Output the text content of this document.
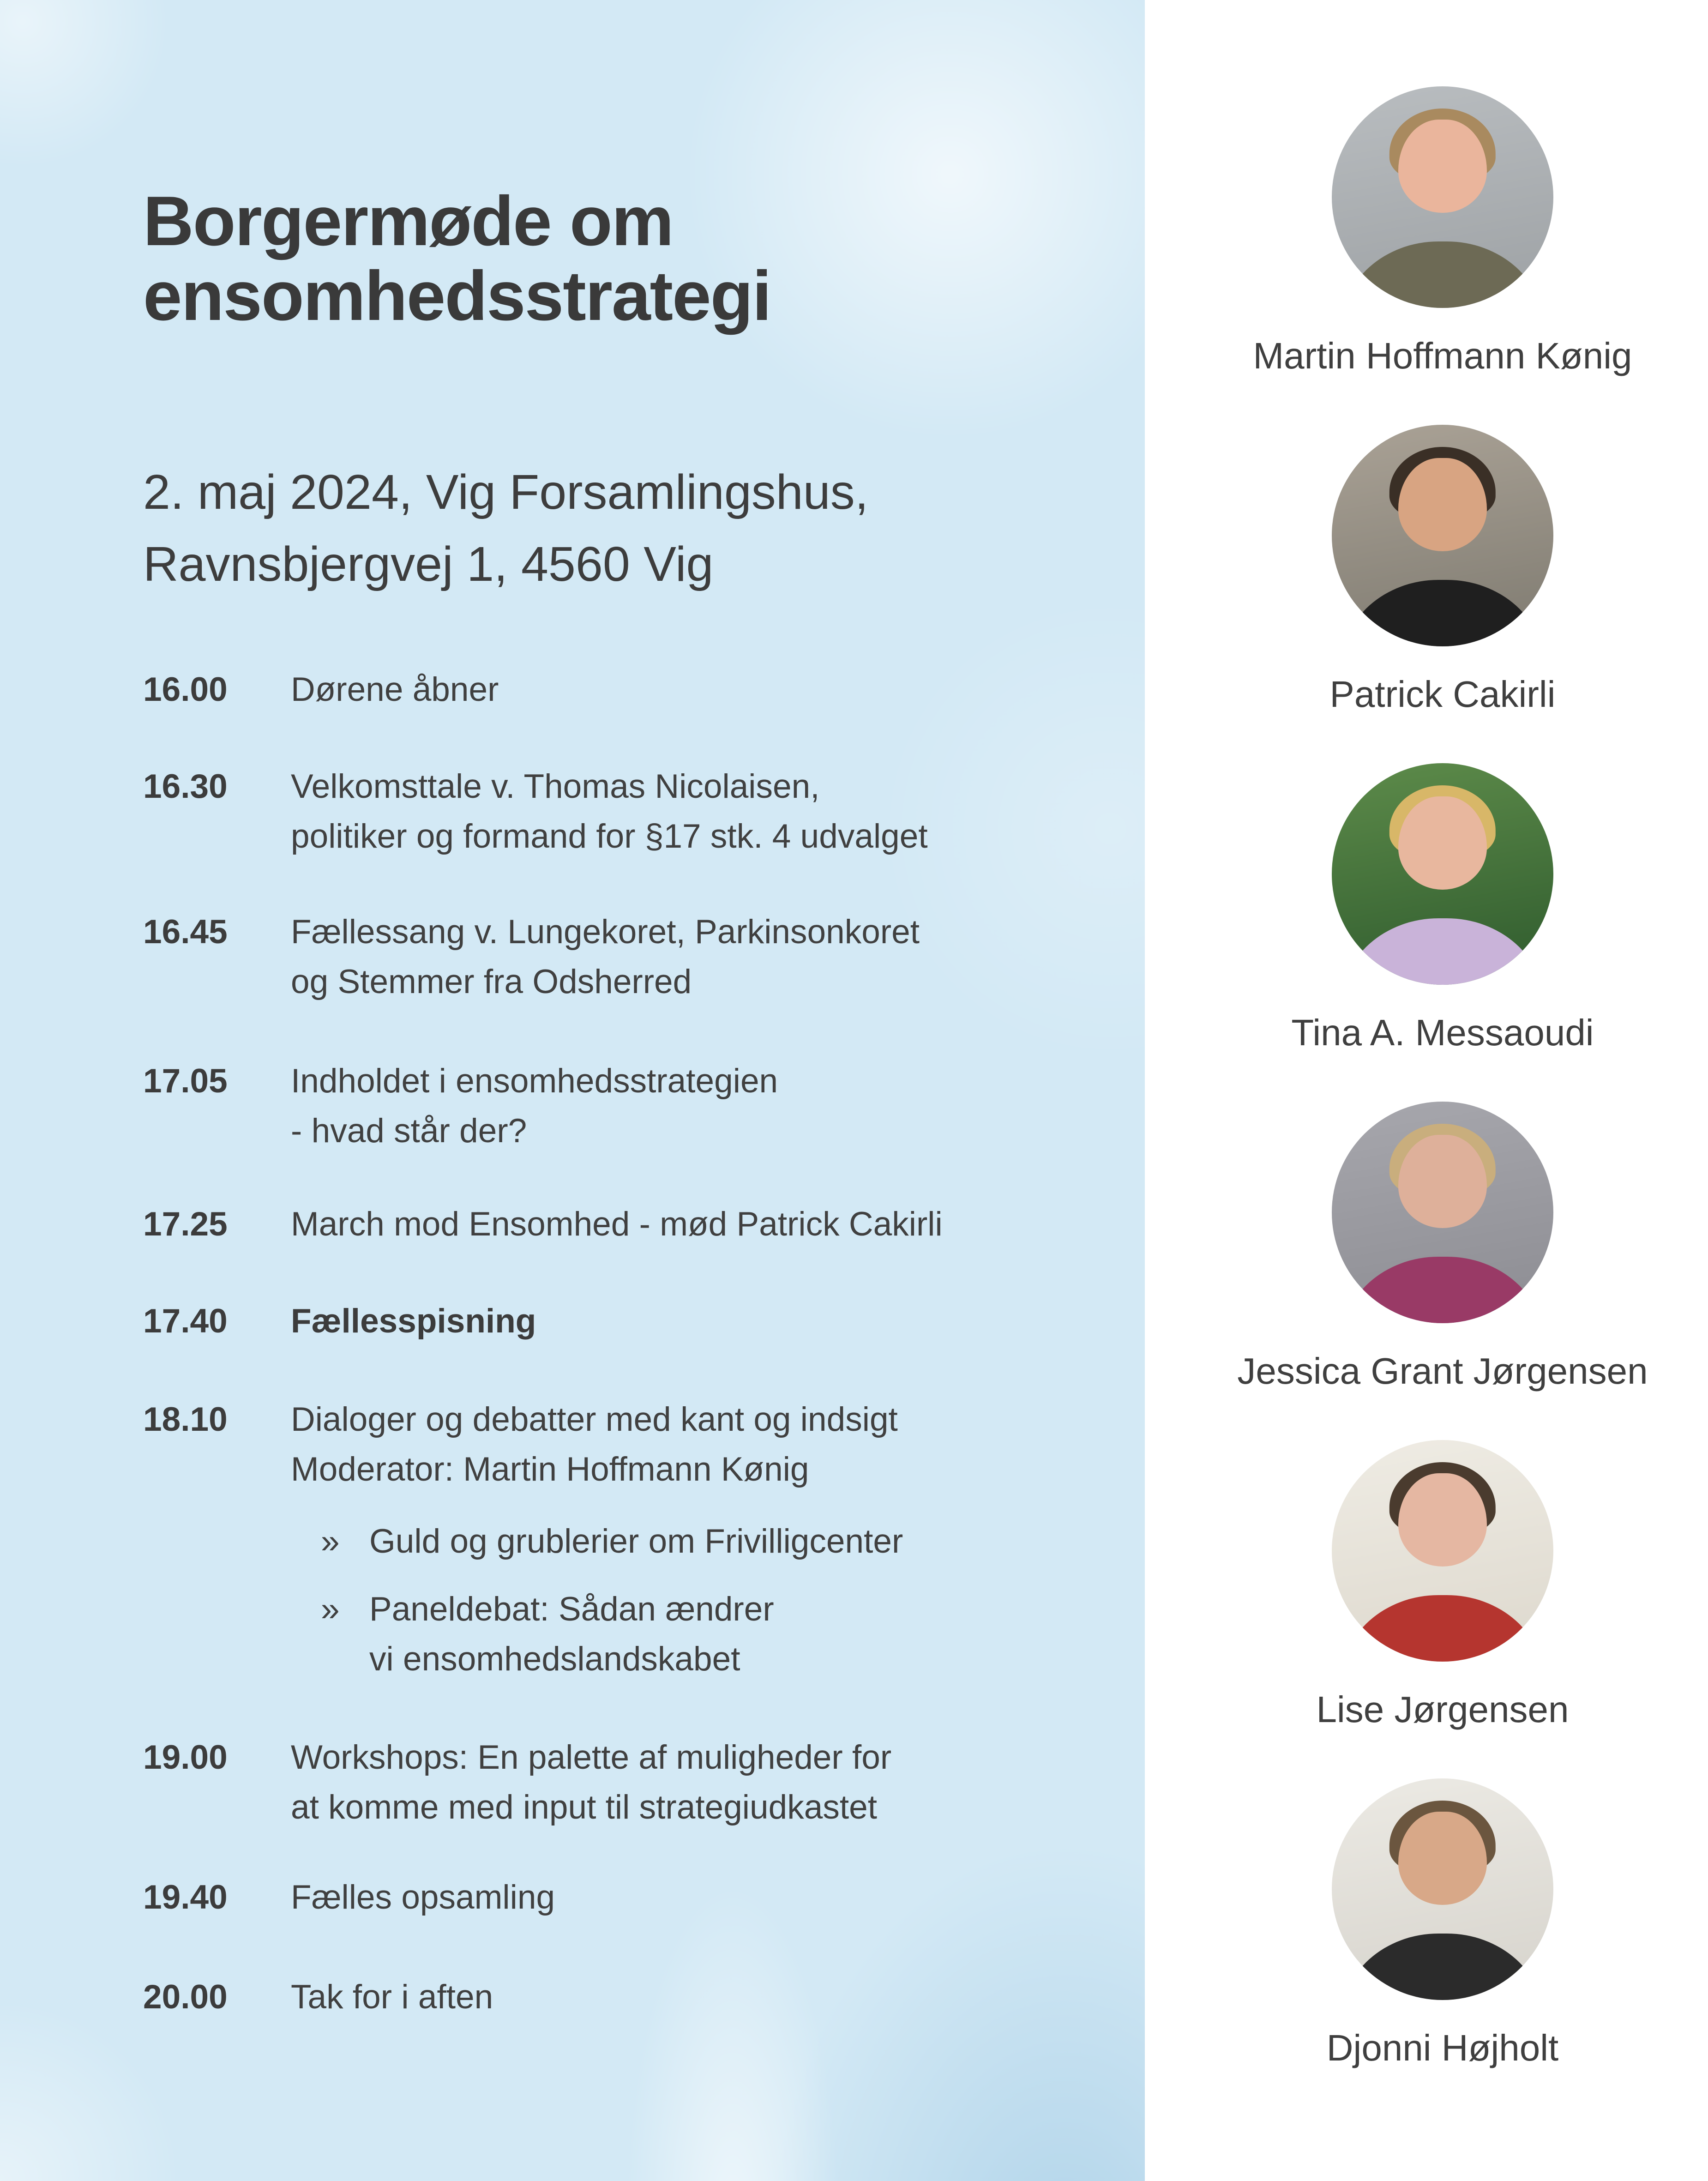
Borgermøde om
ensomhedsstrategi
2. maj 2024, Vig Forsamlingshus,
Ravnsbjergvej 1, 4560 Vig
16.00	Dørene åbner
16.30	Velkomsttale v. Thomas Nicolaisen,
politiker og formand for §17 stk. 4 udvalget
16.45	Fællessang v. Lungekoret, Parkinsonkoret
og Stemmer fra Odsherred
17.05	Indholdet i ensomhedsstrategien
- hvad står der?
17.25	March mod Ensomhed - mød Patrick Cakirli
17.40	Fællesspisning
18.10	Dialoger og debatter med kant og indsigt
Moderator: Martin Hoffmann Kønig
» Guld og grublerier om Frivilligcenter
» Paneldebat: Sådan ændrer
vi ensomhedslandskabet
19.00	Workshops: En palette af muligheder for
at komme med input til strategiudkastet
19.40	Fælles opsamling
20.00	Tak for i aften
Martin Hoffmann Kønig
Patrick Cakirli
Tina A. Messaoudi
Jessica Grant Jørgensen
Lise Jørgensen
Djonni Højholt
